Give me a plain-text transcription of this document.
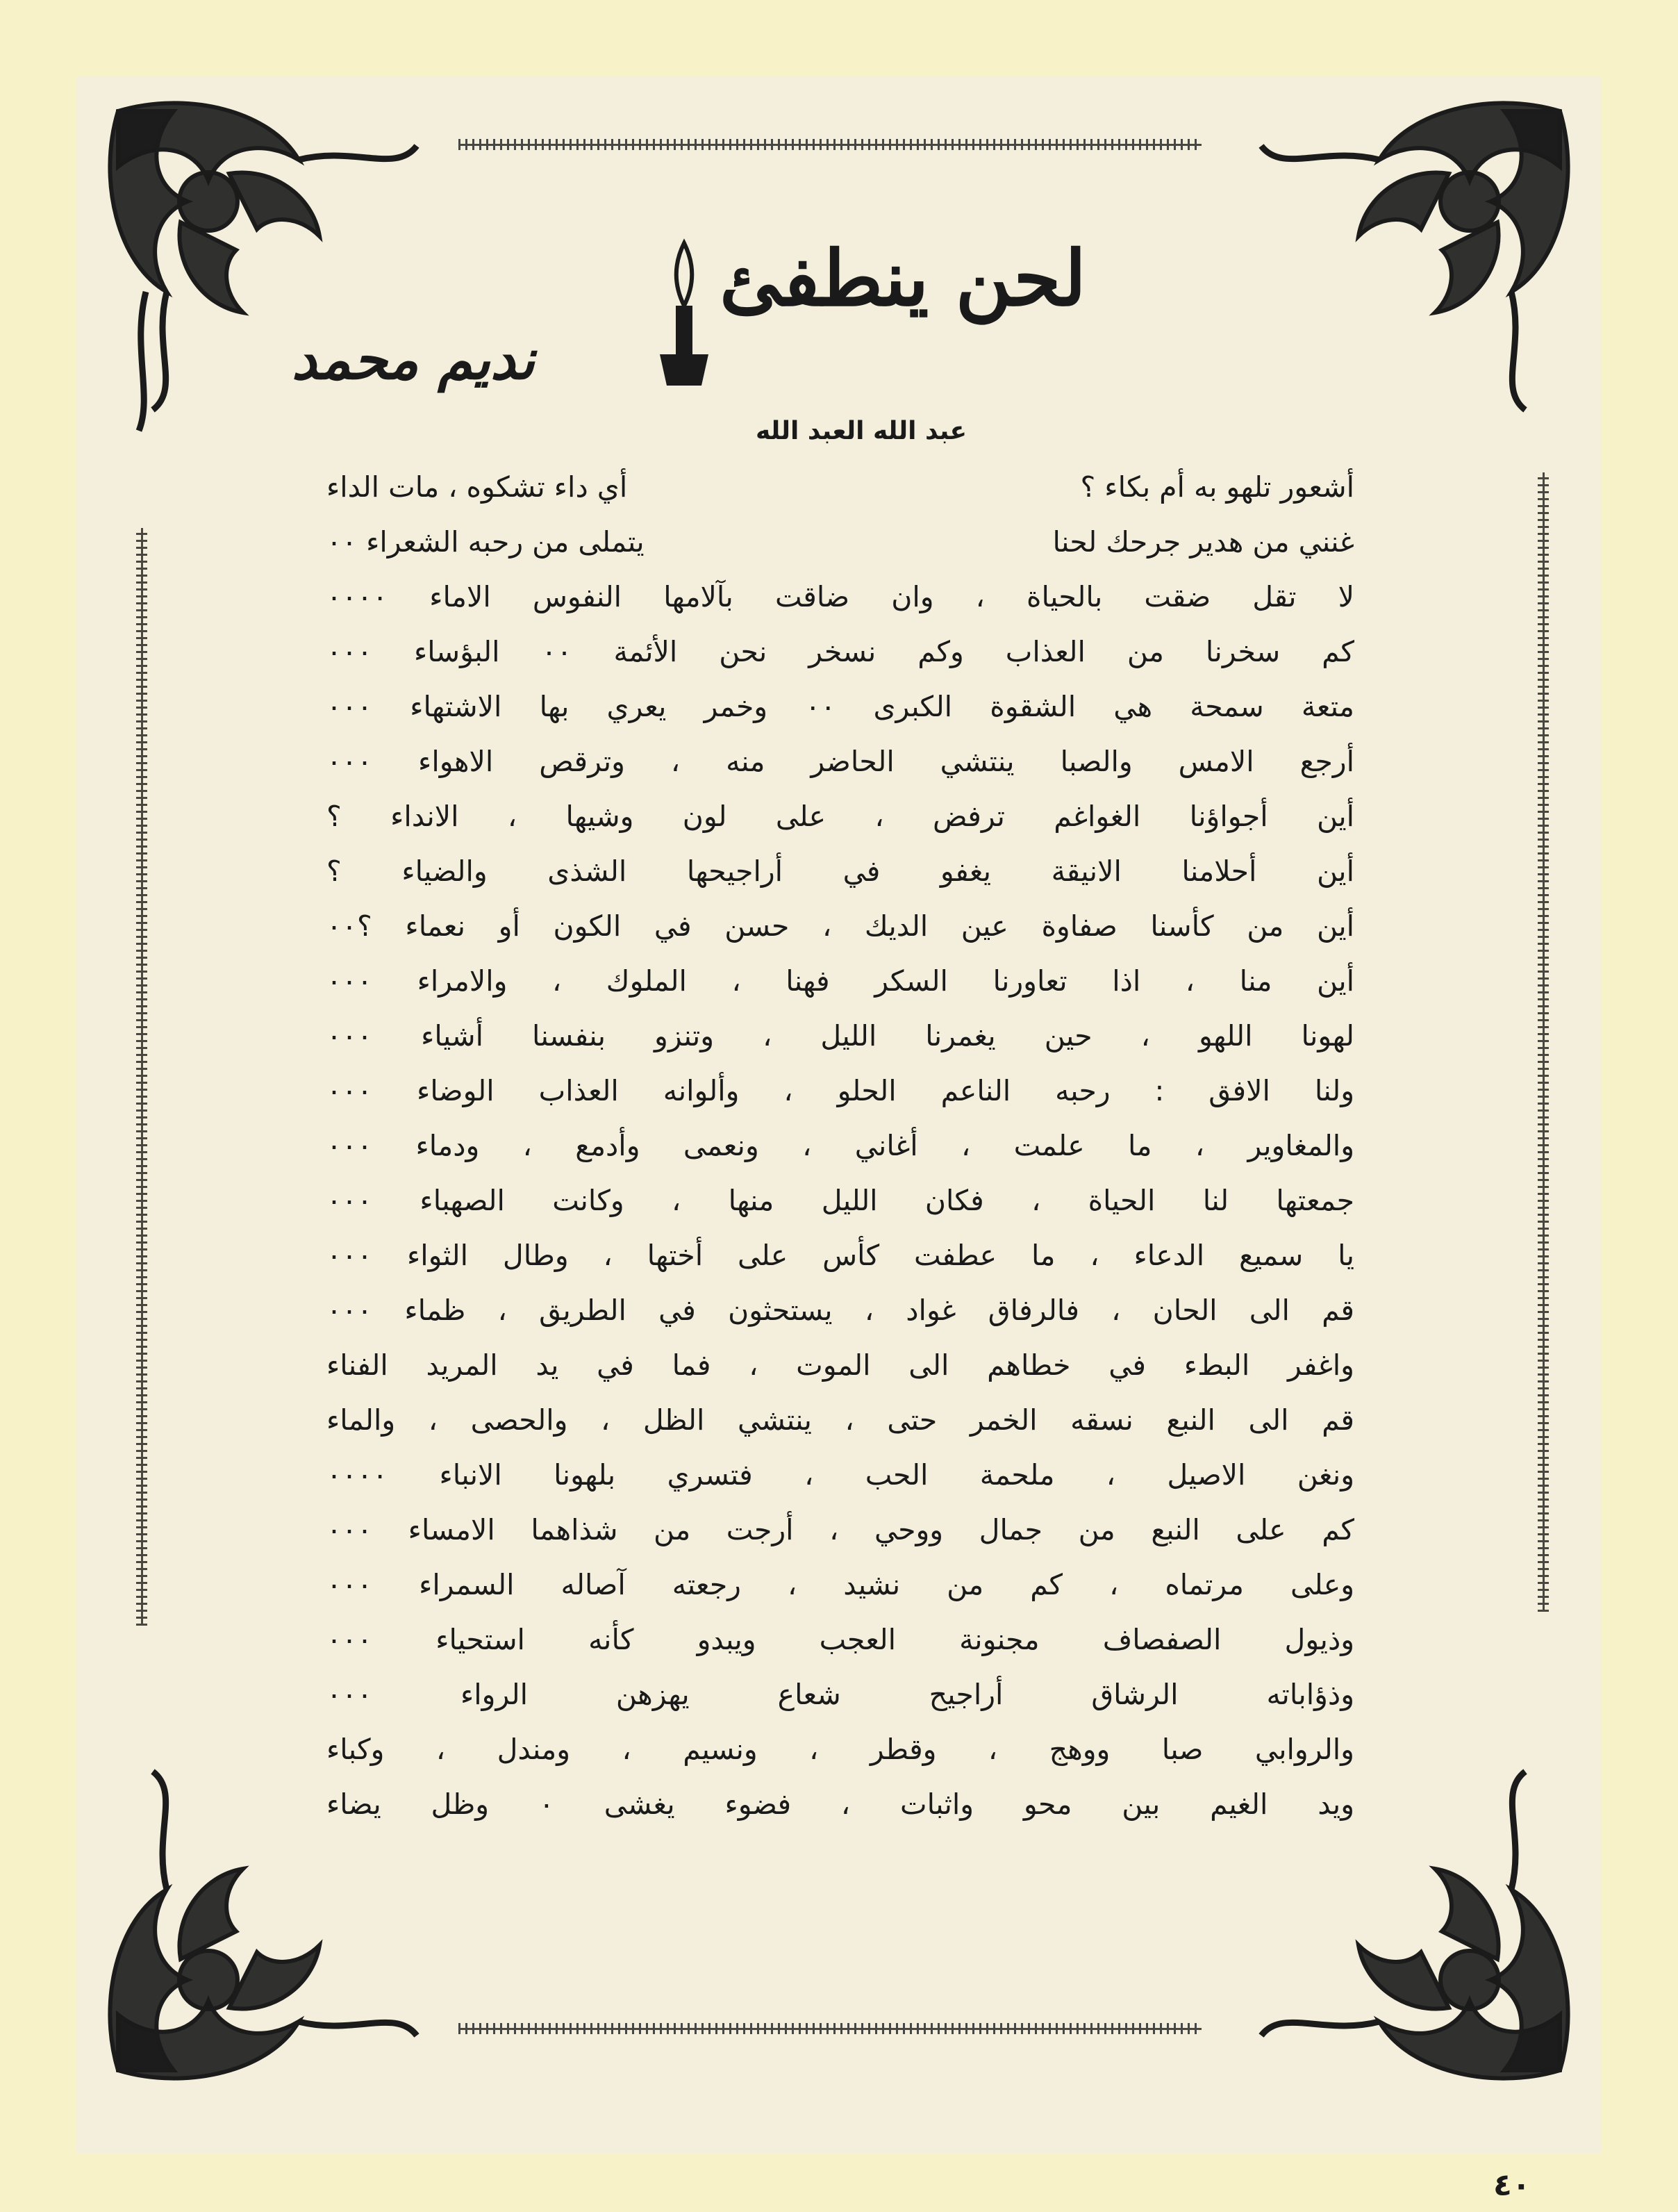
لحن ينطفئ
نديم محمد
عبد الله العبد الله
أشعور تلهو به أم بكاء ؟
أي داء تشكوه ، مات الداء
غنني من هدير جرحك لحنا
يتملى من رحبه الشعراء ٠٠
لا تقل ضقت بالحياة ، وان ضاقت بآلامها النفوس الاماء ٠٠٠٠
كم سخرنا من العذاب وكم نسخر نحن الأئمة ٠٠ البؤساء ٠٠٠
متعة سمحة هي الشقوة الكبرى ٠٠ وخمر يعري بها الاشتهاء ٠٠٠
أرجع الامس والصبا ينتشي الحاضر منه ، وترقص الاهواء ٠٠٠
أين أجواؤنا الغواغم ترفض ، على لون وشيها ، الانداء ؟
أين أحلامنا الانيقة يغفو في أراجيحها الشذى والضياء ؟
أين من كأسنا صفاوة عين الديك ، حسن في الكون أو نعماء ؟٠٠
أين منا ، اذا تعاورنا السكر فهنا ، الملوك ، والامراء ٠٠٠
لهونا اللهو ، حين يغمرنا الليل ، وتنزو بنفسنا أشياء ٠٠٠
ولنا الافق : رحبه الناعم الحلو ، وألوانه العذاب الوضاء ٠٠٠
والمغاوير ، ما علمت ، أغاني ، ونعمى وأدمع ، ودماء ٠٠٠
جمعتها لنا الحياة ، فكان الليل منها ، وكانت الصهباء ٠٠٠
يا سميع الدعاء ، ما عطفت كأس على أختها ، وطال الثواء ٠٠٠
قم الى الحان ، فالرفاق غواد ، يستحثون في الطريق ، ظماء ٠٠٠
واغفر البطء في خطاهم الى الموت ، فما في يد المريد الفناء
قم الى النبع نسقه الخمر حتى ، ينتشي الظل ، والحصى ، والماء
ونغن الاصيل ، ملحمة الحب ، فتسري بلهونا الانباء ٠٠٠٠
كم على النبع من جمال ووحي ، أرجت من شذاهما الامساء ٠٠٠
وعلى مرتماه ، كم من نشيد ، رجعته آصاله السمراء ٠٠٠
وذيول الصفصاف مجنونة العجب ويبدو كأنه استحياء ٠٠٠
وذؤاباته الرشاق أراجيح شعاع يهزهن الرواء ٠٠٠
والروابي صبا ووهج ، وقطر ، ونسيم ، ومندل ، وكباء
ويد الغيم بين محو واثبات ، فضوء يغشى ٠ وظل يضاء
٤٠
